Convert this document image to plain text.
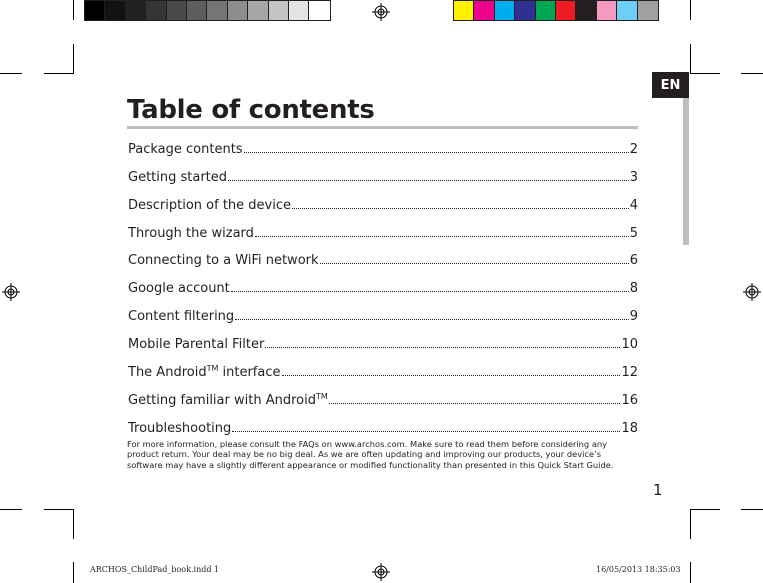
EN
Table of contents
Package contents	2
Getting started	3
Description of the device	4
Through the wizard	5
Connecting to a WiFi network	6
Google account	8
Content filtering	9
Mobile Parental Filter	10
The Android™ interface	12
Getting familiar with Android™	16
Troubleshooting	18

For more information, please consult the FAQs on www.archos.com. Make sure to read them before considering any product return. Your deal may be no big deal. As we are often updating and improving our products, your device’s software may have a slightly different appearance or modified functionality than presented in this Quick Start Guide.

1
ARCHOS_ChildPad_book.indd 1	16/05/2013 18:35:03
